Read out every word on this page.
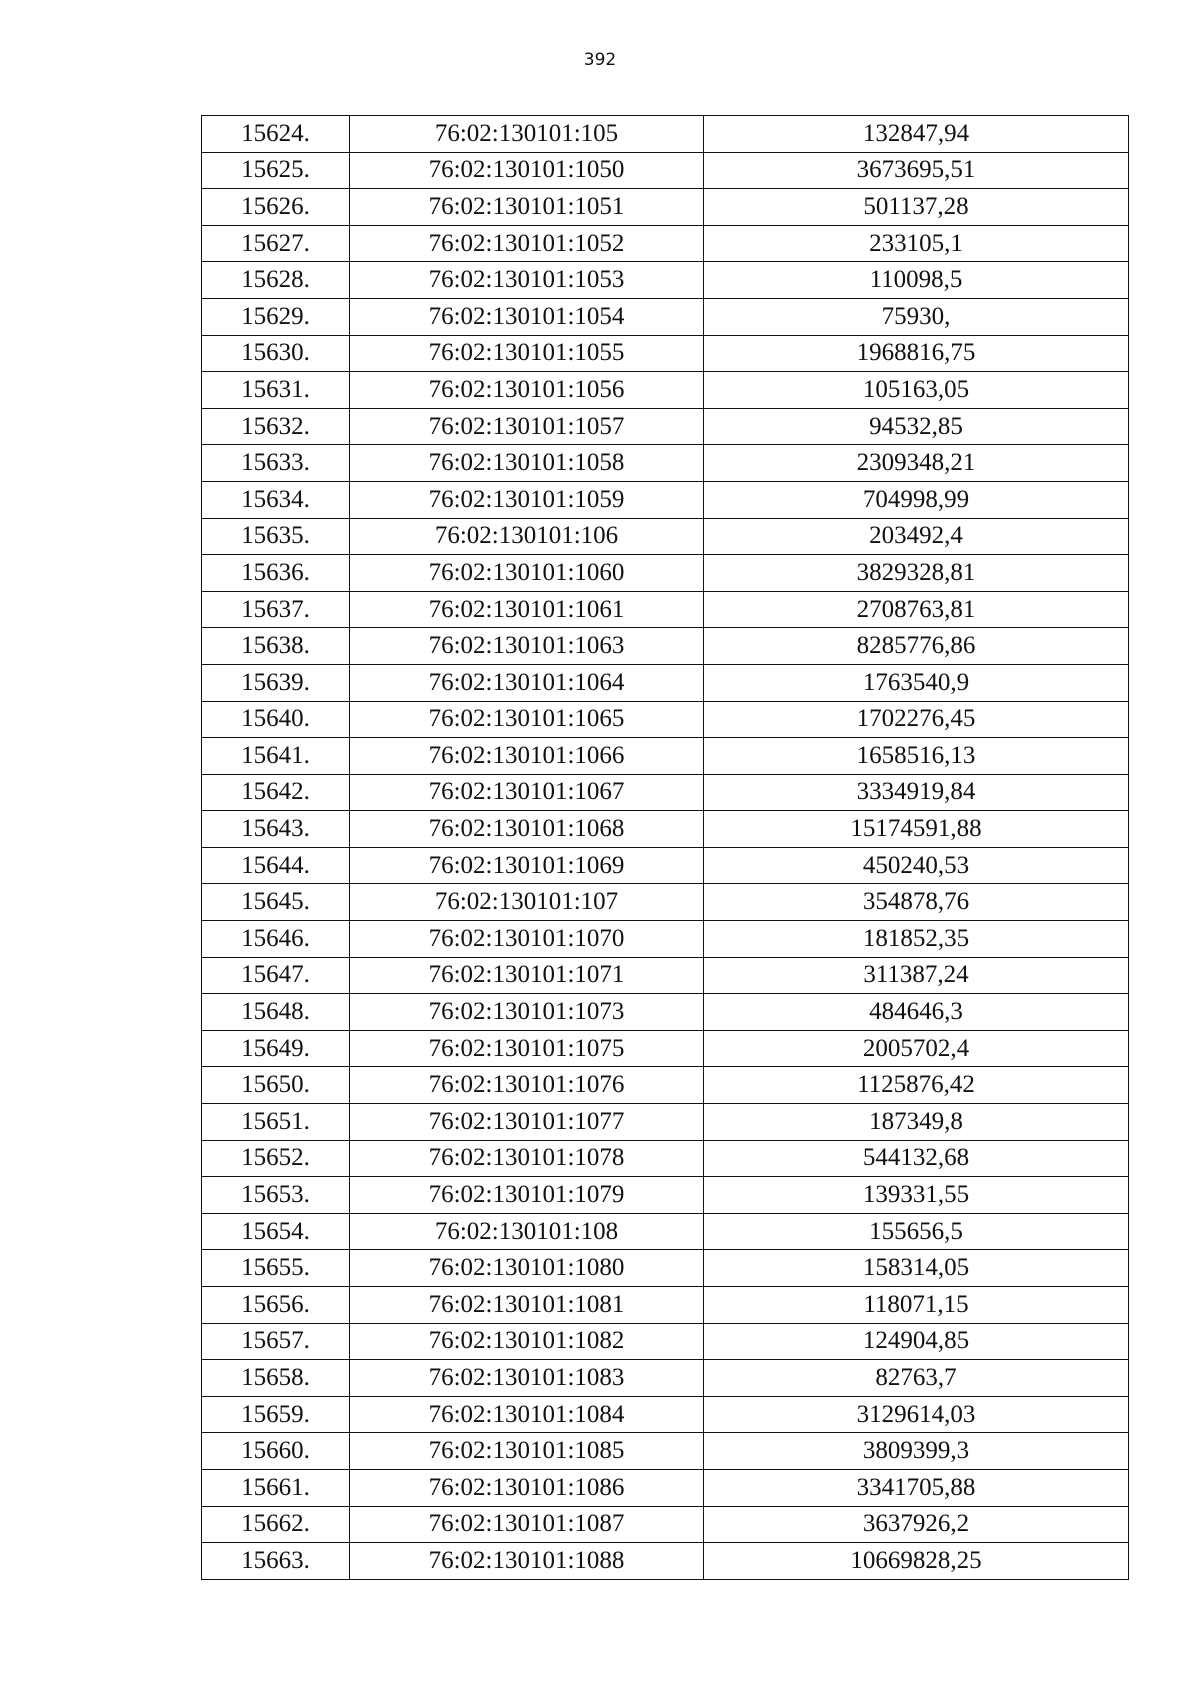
392
15624.	76:02:130101:105	132847,94
15625.	76:02:130101:1050	3673695,51
15626.	76:02:130101:1051	501137,28
15627.	76:02:130101:1052	233105,1
15628.	76:02:130101:1053	110098,5
15629.	76:02:130101:1054	75930,
15630.	76:02:130101:1055	1968816,75
15631.	76:02:130101:1056	105163,05
15632.	76:02:130101:1057	94532,85
15633.	76:02:130101:1058	2309348,21
15634.	76:02:130101:1059	704998,99
15635.	76:02:130101:106	203492,4
15636.	76:02:130101:1060	3829328,81
15637.	76:02:130101:1061	2708763,81
15638.	76:02:130101:1063	8285776,86
15639.	76:02:130101:1064	1763540,9
15640.	76:02:130101:1065	1702276,45
15641.	76:02:130101:1066	1658516,13
15642.	76:02:130101:1067	3334919,84
15643.	76:02:130101:1068	15174591,88
15644.	76:02:130101:1069	450240,53
15645.	76:02:130101:107	354878,76
15646.	76:02:130101:1070	181852,35
15647.	76:02:130101:1071	311387,24
15648.	76:02:130101:1073	484646,3
15649.	76:02:130101:1075	2005702,4
15650.	76:02:130101:1076	1125876,42
15651.	76:02:130101:1077	187349,8
15652.	76:02:130101:1078	544132,68
15653.	76:02:130101:1079	139331,55
15654.	76:02:130101:108	155656,5
15655.	76:02:130101:1080	158314,05
15656.	76:02:130101:1081	118071,15
15657.	76:02:130101:1082	124904,85
15658.	76:02:130101:1083	82763,7
15659.	76:02:130101:1084	3129614,03
15660.	76:02:130101:1085	3809399,3
15661.	76:02:130101:1086	3341705,88
15662.	76:02:130101:1087	3637926,2
15663.	76:02:130101:1088	10669828,25
